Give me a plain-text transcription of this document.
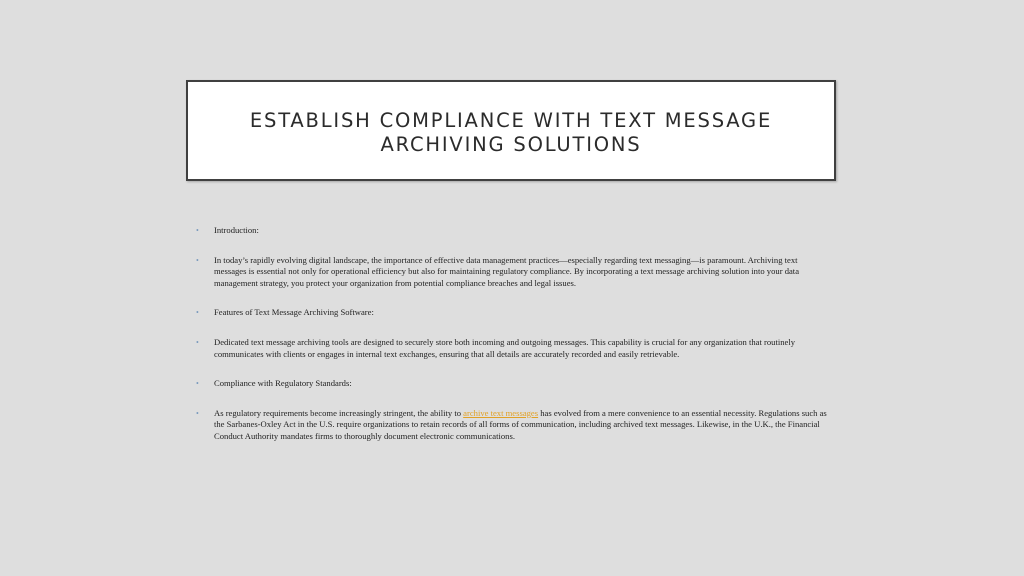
ESTABLISH COMPLIANCE WITH TEXT MESSAGE
ARCHIVING SOLUTIONS
• Introduction:
• In today’s rapidly evolving digital landscape, the importance of effective data management practices—especially regarding text messaging—is paramount. Archiving text messages is essential not only for operational efficiency but also for maintaining regulatory compliance. By incorporating a text message archiving solution into your data management strategy, you protect your organization from potential compliance breaches and legal issues.
• Features of Text Message Archiving Software:
• Dedicated text message archiving tools are designed to securely store both incoming and outgoing messages. This capability is crucial for any organization that routinely communicates with clients or engages in internal text exchanges, ensuring that all details are accurately recorded and easily retrievable.
• Compliance with Regulatory Standards:
• As regulatory requirements become increasingly stringent, the ability to archive text messages has evolved from a mere convenience to an essential necessity. Regulations such as the Sarbanes-Oxley Act in the U.S. require organizations to retain records of all forms of communication, including archived text messages. Likewise, in the U.K., the Financial Conduct Authority mandates firms to thoroughly document electronic communications.
